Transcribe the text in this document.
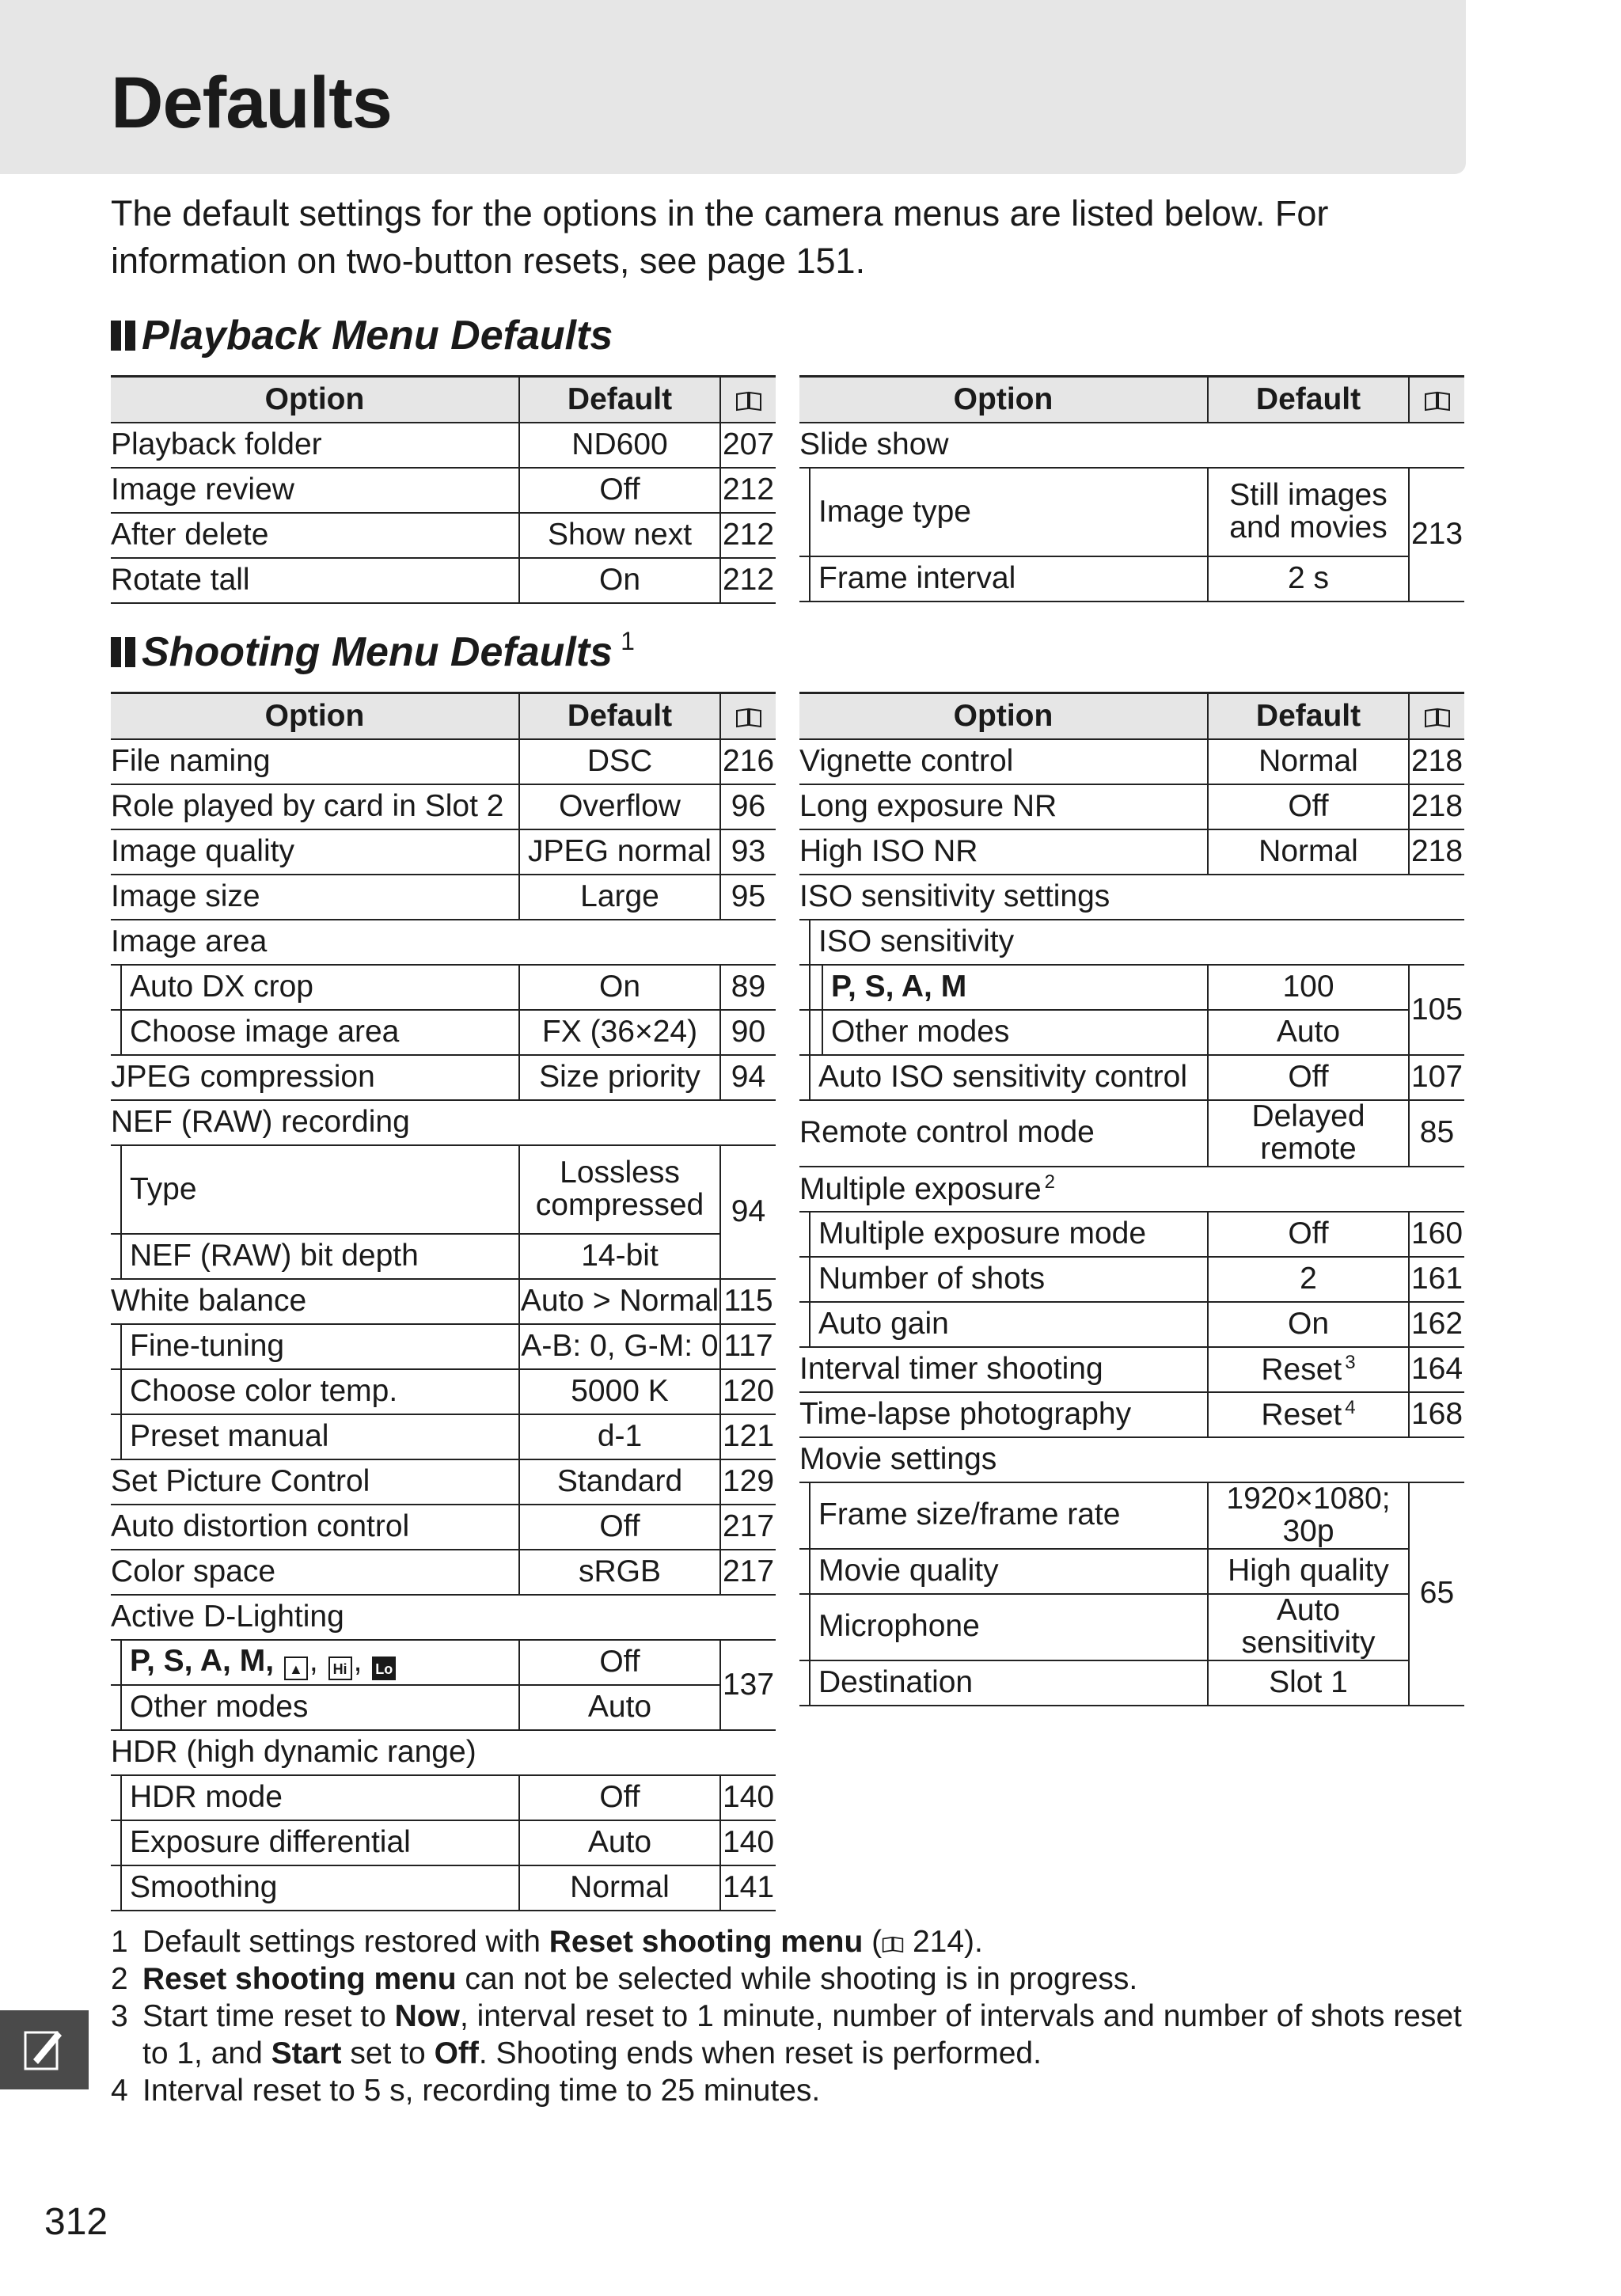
Defaults

The default settings for the options in the camera menus are listed below. For information on two-button resets, see page 151.

Playback Menu Defaults
Option	Default	
Playback folder	ND600	207
Image review	Off	212
After delete	Show next	212
Rotate tall	On	212
Option	Default	
Slide show		
Image type	Still images and movies	213
Frame interval	2 s	
Shooting Menu Defaults 1
Option	Default	
File naming	DSC	216
Role played by card in Slot 2	Overflow	96
Image quality	JPEG normal	93
Image size	Large	95
Image area		
Auto DX crop	On	89
Choose image area	FX (36×24)	90
JPEG compression	Size priority	94
NEF (RAW) recording		
Type	Lossless compressed	94
NEF (RAW) bit depth	14-bit	
White balance	Auto > Normal	115
Fine-tuning	A-B: 0, G-M: 0	117
Choose color temp.	5000 K	120
Preset manual	d-1	121
Set Picture Control	Standard	129
Auto distortion control	Off	217
Color space	sRGB	217
Active D-Lighting		
P, S, A, M, ▲ , Hi , Lo	Off	137
Other modes	Auto	
HDR (high dynamic range)		
HDR mode	Off	140
Exposure differential	Auto	140
Smoothing	Normal	141
Option	Default	
Vignette control	Normal	218
Long exposure NR	Off	218
High ISO NR	Normal	218
ISO sensitivity settings		
ISO sensitivity		
P, S, A, M	100	105
Other modes	Auto	
Auto ISO sensitivity control	Off	107
Remote control mode	Delayed remote	85
Multiple exposure $^2$
Multiple exposure mode	Off	160
Number of shots	2	161
Auto gain	On	162
Interval timer shooting	Reset $^3$	164
Time-lapse photography	Reset $^4$	168
Movie settings		
Frame size/frame rate	1920×1080; 30p	65
Movie quality	High quality	
Microphone	Auto sensitivity	
Destination	Slot 1	
1 Default settings restored with Reset shooting menu ( 214).
2 Reset shooting menu can not be selected while shooting is in progress.
3 Start time reset to Now, interval reset to 1 minute, number of intervals and number of shots reset to 1, and Start set to Off. Shooting ends when reset is performed.
4 Interval reset to 5 s, recording time to 25 minutes.

312
